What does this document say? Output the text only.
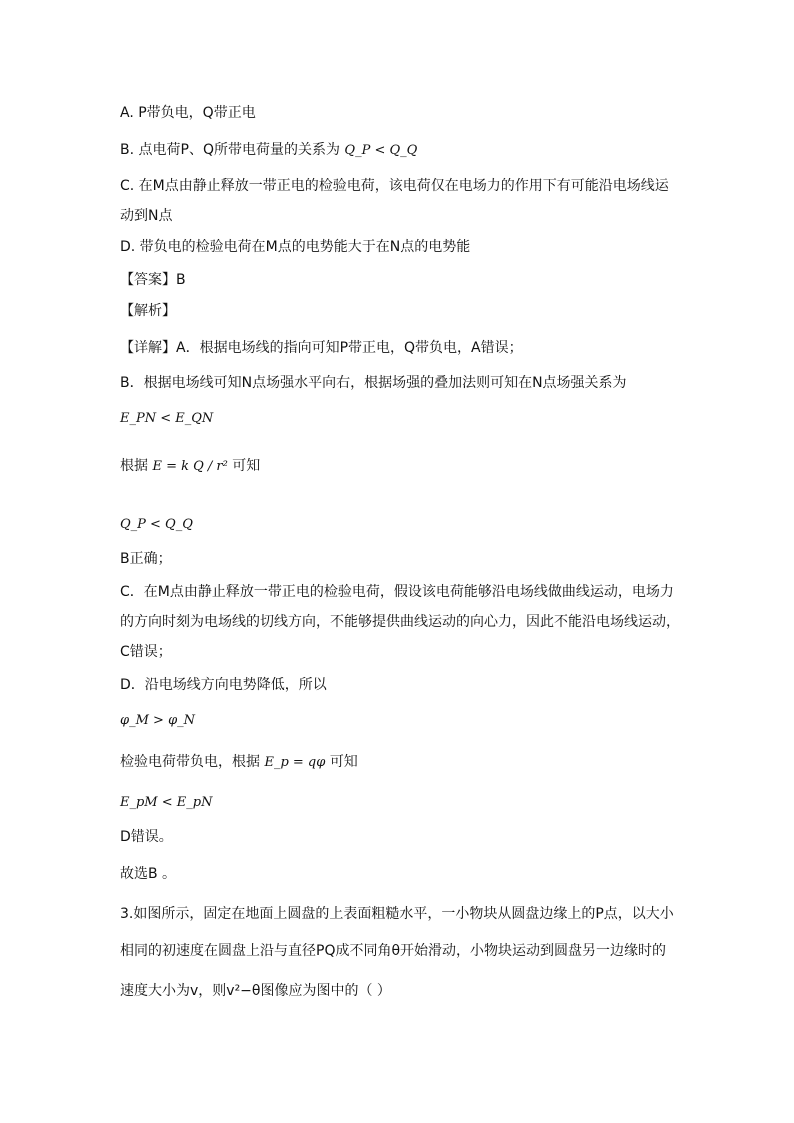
A. P带负电，Q带正电
B. 点电荷P、Q所带电荷量的关系为 Q_P < Q_Q
C. 在M点由静止释放一带正电的检验电荷，该电荷仅在电场力的作用下有可能沿电场线运
动到N点
D. 带负电的检验电荷在M点的电势能大于在N点的电势能
【答案】B
【解析】
【详解】A．根据电场线的指向可知P带正电，Q带负电，A错误；
B．根据电场线可知N点场强水平向右，根据场强的叠加法则可知在N点场强关系为
E_PN < E_QN
根据 E = k Q / r² 可知
Q_P < Q_Q
B正确；
C．在M点由静止释放一带正电的检验电荷，假设该电荷能够沿电场线做曲线运动，电场力
的方向时刻为电场线的切线方向，不能够提供曲线运动的向心力，因此不能沿电场线运动，
C错误；
D．沿电场线方向电势降低，所以
φ_M > φ_N
检验电荷带负电，根据 E_p = qφ 可知
E_pM < E_pN
D错误。
故选B 。
3.如图所示，固定在地面上圆盘的上表面粗糙水平，一小物块从圆盘边缘上的P点，以大小
相同的初速度在圆盘上沿与直径PQ成不同角θ开始滑动，小物块运动到圆盘另一边缘时的
速度大小为v，则v²−θ图像应为图中的（ ）
